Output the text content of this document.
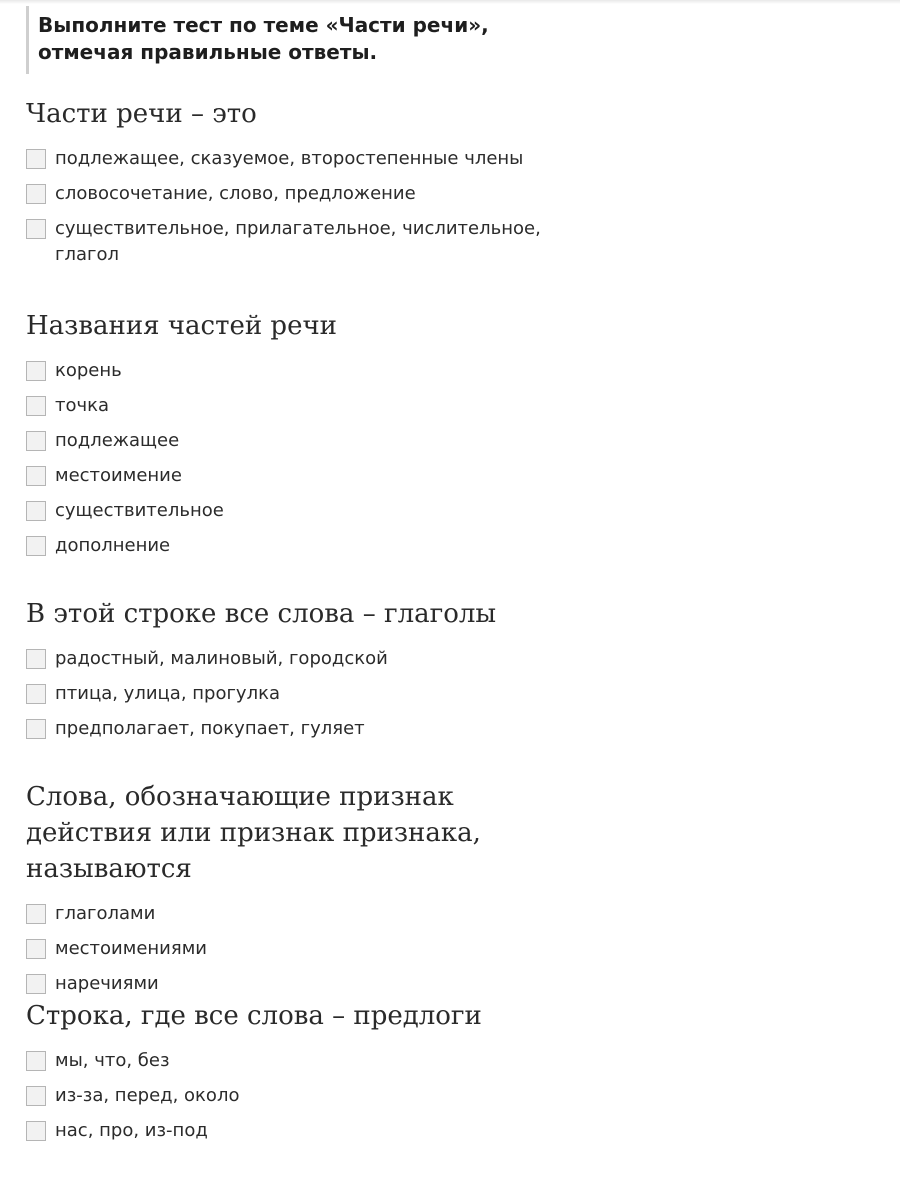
Выполните тест по теме «Части речи», отмечая правильные ответы.
Части речи – это
подлежащее, сказуемое, второстепенные члены
словосочетание, слово, предложение
существительное, прилагательное, числительное, глагол
Названия частей речи
корень
точка
подлежащее
местоимение
существительное
дополнение
В этой строке все слова – глаголы
радостный, малиновый, городской
птица, улица, прогулка
предполагает, покупает, гуляет
Слова, обозначающие признак действия или признак признака, называются
глаголами
местоимениями
наречиями
Строка, где все слова – предлоги
мы, что, без
из-за, перед, около
нас, про, из-под
